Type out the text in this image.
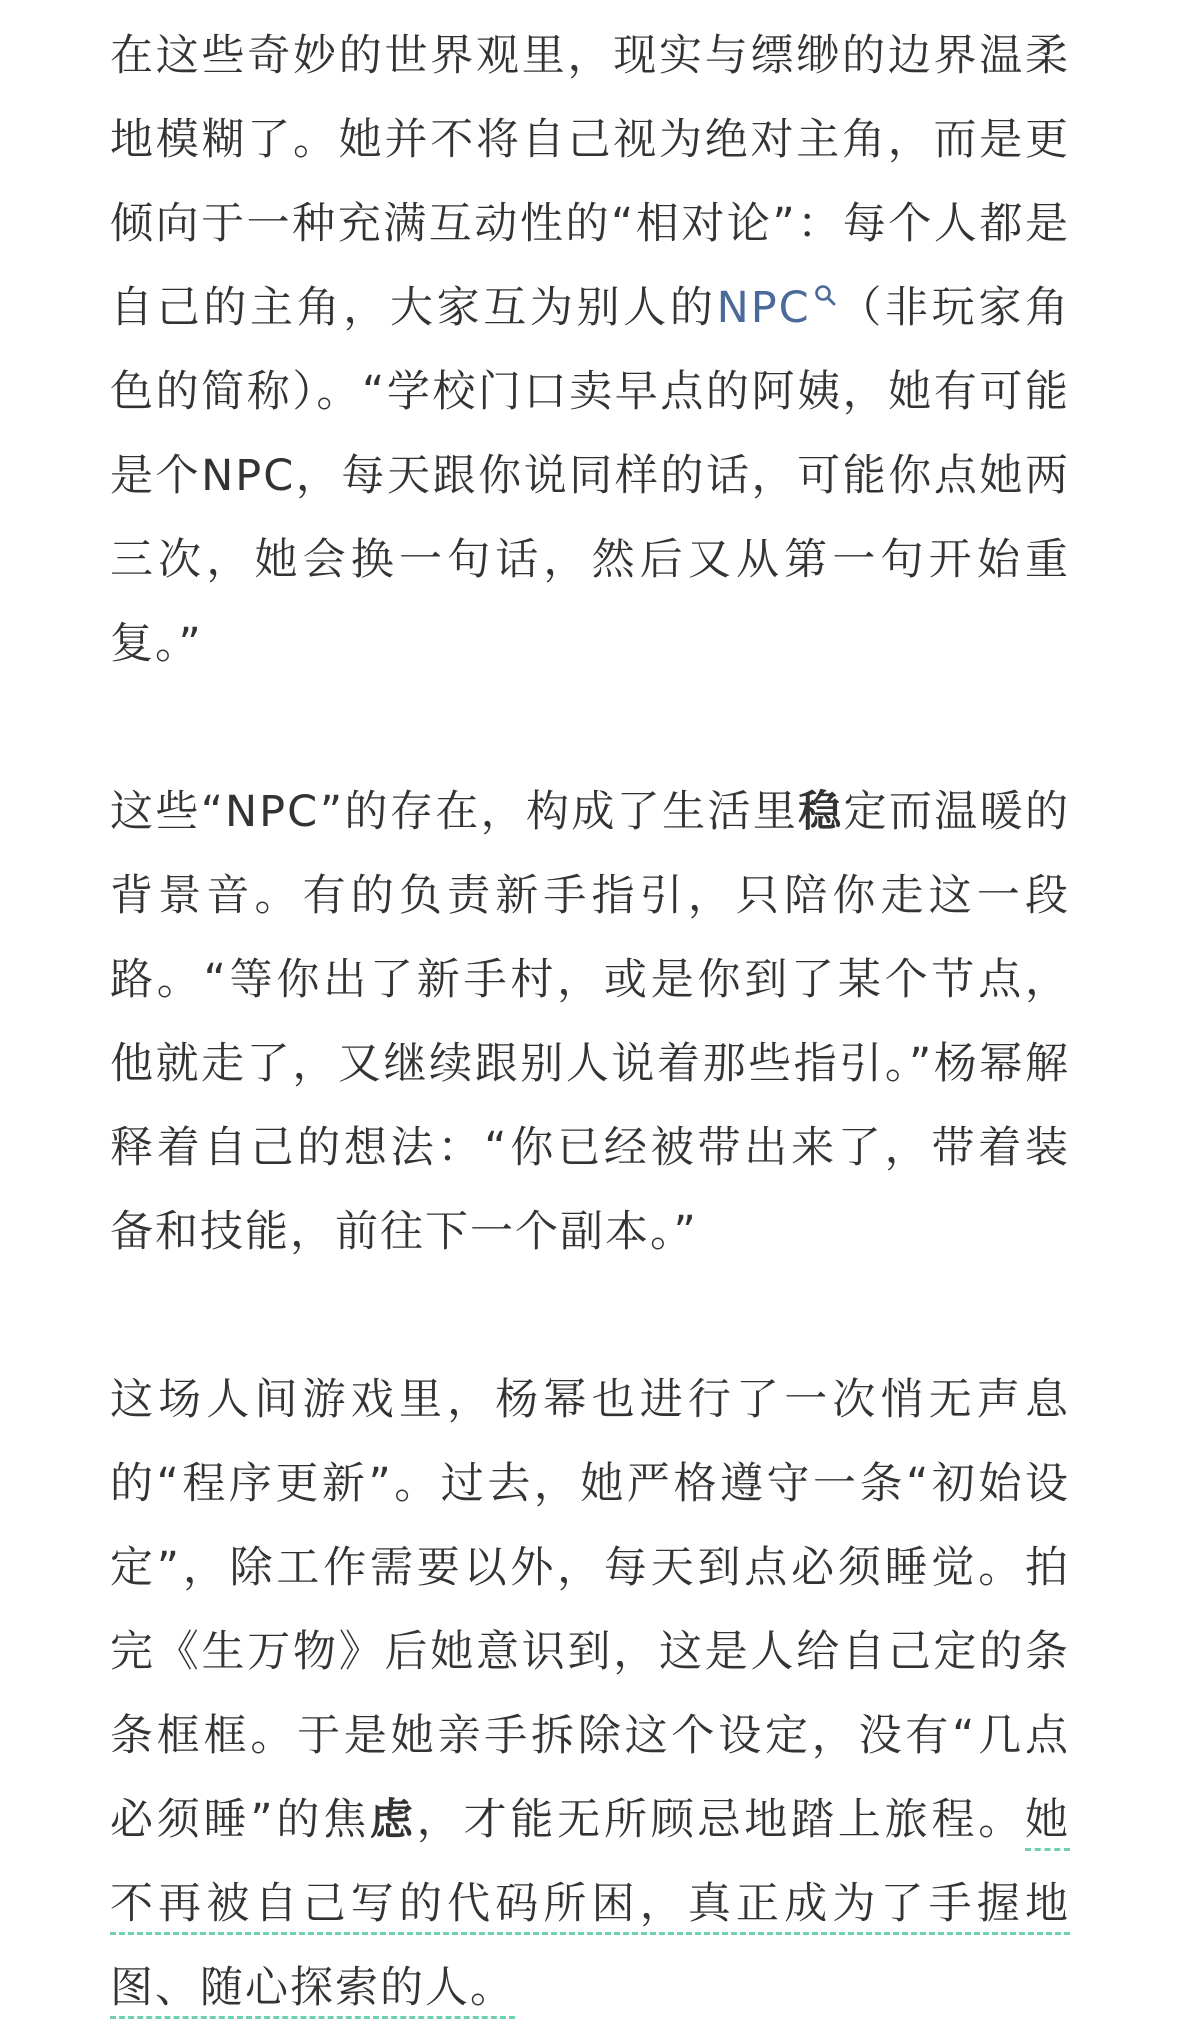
在这些奇妙的世界观里，现实与缥缈的边界温柔地模糊了。她并不将自己视为绝对主角，而是更倾向于一种充满互动性的“相对论”：每个人都是自己的主角，大家互为别人的NPC （非玩家角色的简称）。“学校门口卖早点的阿姨，她有可能是个NPC，每天跟你说同样的话，可能你点她两三次，她会换一句话，然后又从第一句开始重复。”

这些“NPC”的存在，构成了生活里稳定而温暖的背景音。有的负责新手指引，只陪你走这一段路。“等你出了新手村，或是你到了某个节点，他就走了，又继续跟别人说着那些指引。”杨幂解释着自己的想法：“你已经被带出来了，带着装备和技能，前往下一个副本。”

这场人间游戏里，杨幂也进行了一次悄无声息的“程序更新”。过去，她严格遵守一条“初始设定”，除工作需要以外，每天到点必须睡觉。拍完《生万物》后她意识到，这是人给自己定的条条框框。于是她亲手拆除这个设定，没有“几点必须睡”的焦虑，才能无所顾忌地踏上旅程。她不再被自己写的代码所困，真正成为了手握地图、随心探索的人。
